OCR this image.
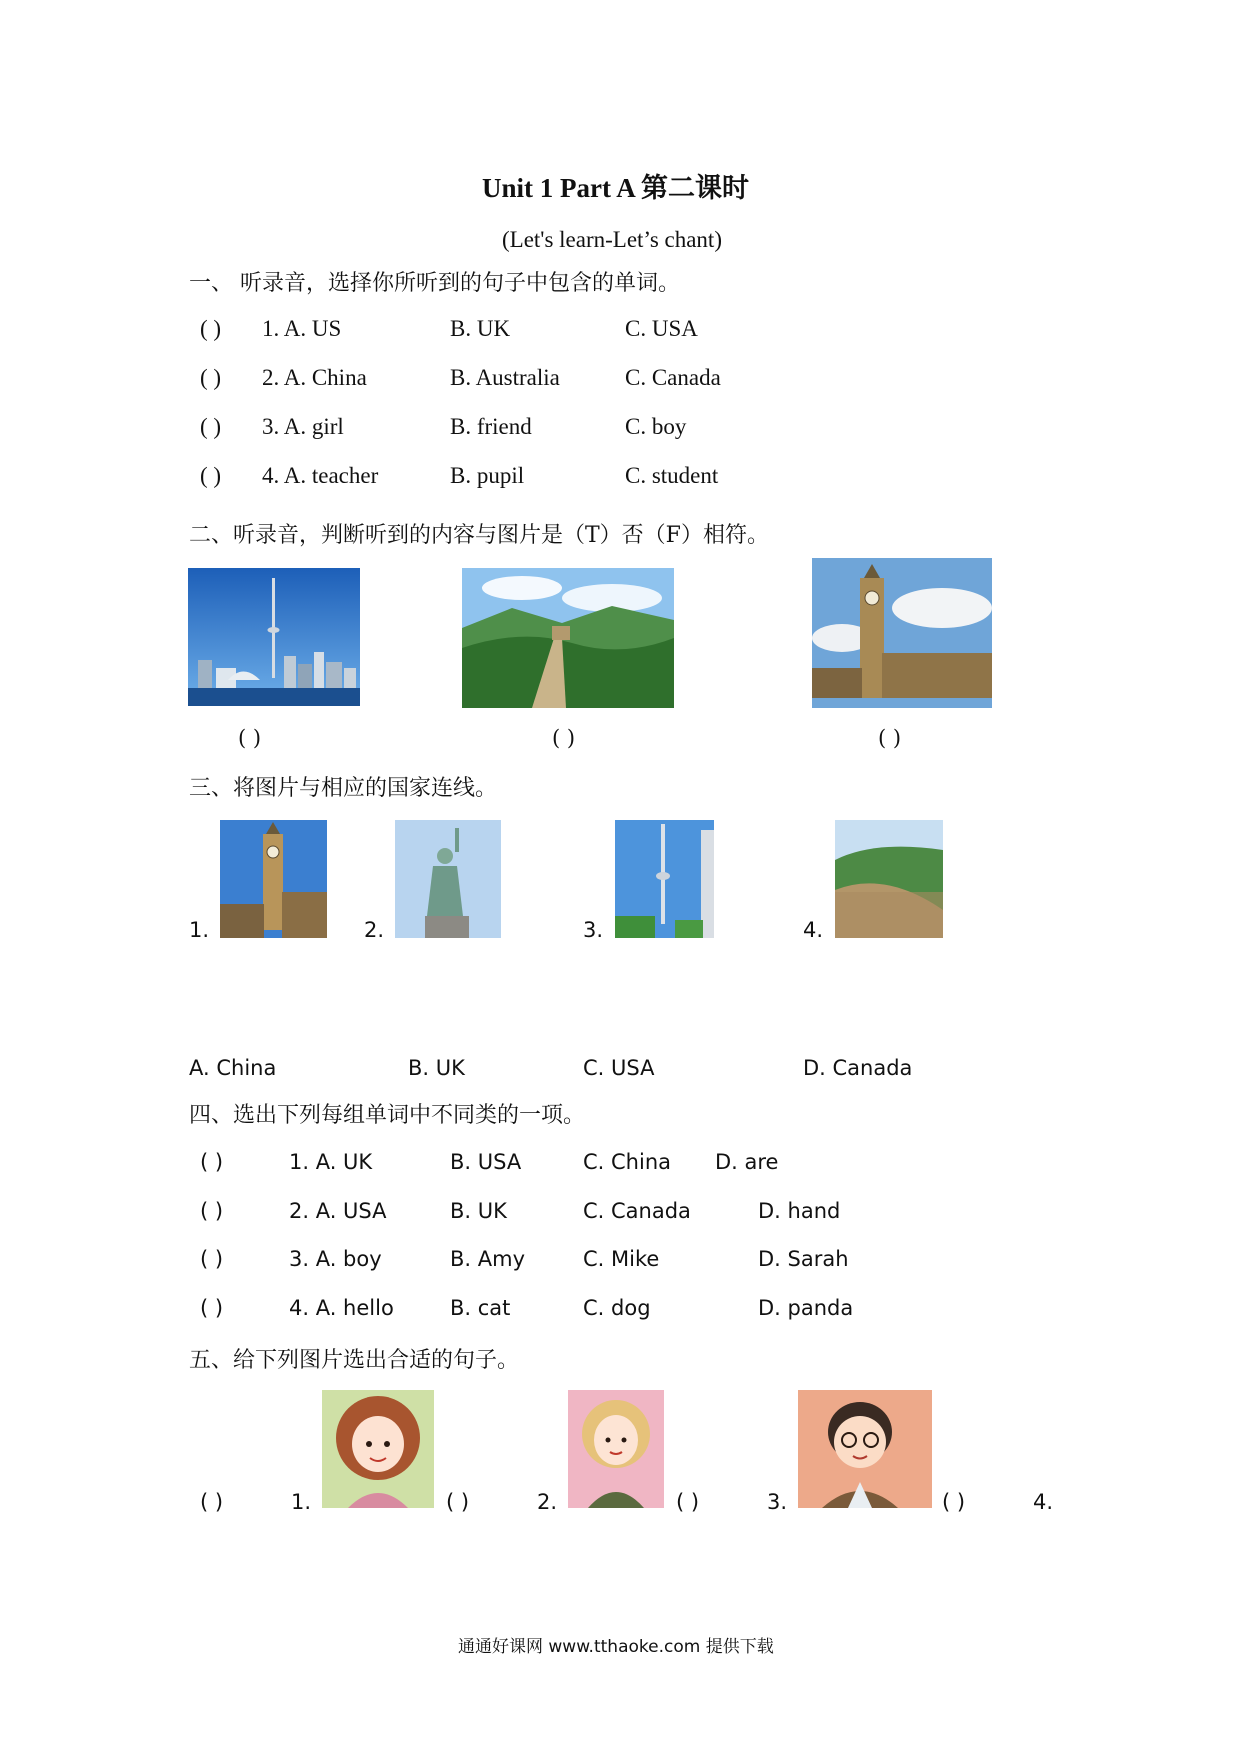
Unit 1 Part A 第二课时
(Let's learn-Let’s chant)
一、 听录音，选择你所听到的句子中包含的单词。
( ) 1. A. US	B. UK	C. USA
( ) 2. A. China	B. Australia	C. Canada
( ) 3. A. girl	B. friend	C. boy
( ) 4. A. teacher	B. pupil	C. student
二、听录音，判断听到的内容与图片是（T）否（F）相符。
( )	( )	( )
三、将图片与相应的国家连线。
1.	2.	3.	4.
A. China	B. UK	C. USA	D. Canada
四、选出下列每组单词中不同类的一项。
( )	1. A. UK	B. USA	C. China D. are
( )	2. A. USA	B. UK	C. Canada	D. hand
( )	3. A. boy	B. Amy	C. Mike	D. Sarah
( )	4. A. hello	B. cat	C. dog	D. panda
五、给下列图片选出合适的句子。
( )	1.	( )	2.	( )	3.	( )	4.
通通好课网 www.tthaoke.com 提供下载
